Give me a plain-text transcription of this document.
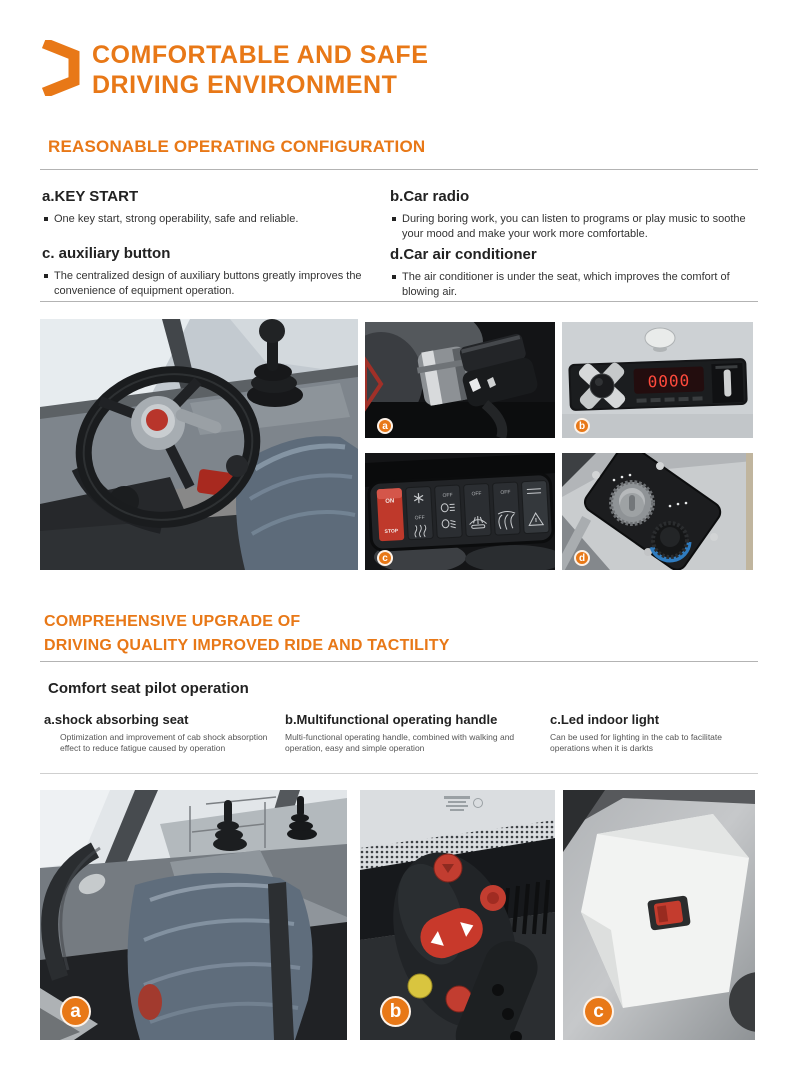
COMFORTABLE AND SAFE
DRIVING ENVIRONMENT
REASONABLE OPERATING CONFIGURATION
a.KEY START
One key start, strong operability, safe and reliable.
b.Car radio
During boring work, you can listen to programs or play music to soothe your mood and make your work more comfortable.
c. auxiliary button
The centralized design of auxiliary buttons greatly improves the convenience of equipment operation.
d.Car air conditioner
The air conditioner is under the seat, which improves the comfort of blowing air.
a
0000
b
ON
STOP
OFF
OFF	OFF	OFF
c	d
COMPREHENSIVE UPGRADE OF
DRIVING QUALITY IMPROVED RIDE AND TACTILITY
Comfort seat pilot operation
a.shock absorbing seat
Optimization and improvement of cab shock absorption effect to reduce fatigue caused by operation
b.Multifunctional operating handle
Multi-functional operating handle, combined with walking and operation, easy and simple operation
c.Led indoor light
Can be used for lighting in the cab to facilitate operations when it is darkts
a	b	c
